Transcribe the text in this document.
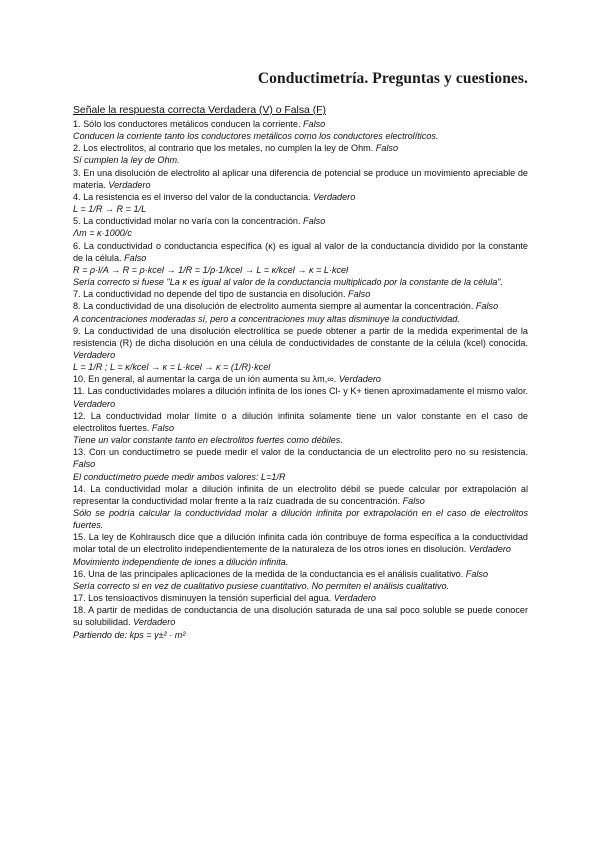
Conductimetría. Preguntas y cuestiones.
Señale la respuesta correcta Verdadera (V) o Falsa (F)

1. Sólo los conductores metálicos conducen la corriente. Falso

Conducen la corriente tanto los conductores metálicos como los conductores electrolíticos.

2. Los electrolitos, al contrario que los metales, no cumplen la ley de Ohm. Falso

Sí cumplen la ley de Ohm.

3. En una disolución de electrolito al aplicar una diferencia de potencial se produce un movimiento apreciable de materia. Verdadero

4. La resistencia es el inverso del valor de la conductancia. Verdadero

L = 1/R → R = 1/L

5. La conductividad molar no varía con la concentración. Falso

Λm = κ·1000/c

6. La conductividad o conductancia específica (κ) es igual al valor de la conductancia dividido por la constante de la célula. Falso

R = ρ·l/A → R = ρ·kcel → 1/R = 1/ρ·1/kcel → L = κ/kcel → κ = L·kcel

Sería correcto si fuese "La κ es igual al valor de la conductancia multiplicado por la constante de la célula".

7. La conductividad no depende del tipo de sustancia en disolución. Falso

8. La conductividad de una disolución de electrolito aumenta siempre al aumentar la concentración. Falso

A concentraciones moderadas sí, pero a concentraciones muy altas disminuye la conductividad.

9. La conductividad de una disolución electrolítica se puede obtener a partir de la medida experimental de la resistencia (R) de dicha disolución en una célula de conductividades de constante de la célula (kcel) conocida. Verdadero

L = 1/R ; L = κ/kcel → κ = L·kcel → κ = (1/R)·kcel

10. En general, al aumentar la carga de un ión aumenta su λm,∞. Verdadero

11. Las conductividades molares a dilución infinita de los iones Cl- y K+ tienen aproximadamente el mismo valor. Verdadero

12. La conductividad molar límite o a dilución infinita solamente tiene un valor constante en el caso de electrolitos fuertes. Falso

Tiene un valor constante tanto en electrolitos fuertes como débiles.

13. Con un conductímetro se puede medir el valor de la conductancia de un electrolito pero no su resistencia. Falso

El conductímetro puede medir ambos valores: L=1/R

14. La conductividad molar a dilución infinita de un electrolito débil se puede calcular por extrapolación al representar la conductividad molar frente a la raíz cuadrada de su concentración. Falso

Sólo se podría calcular la conductividad molar a dilución infinita por extrapolación en el caso de electrolitos fuertes.

15. La ley de Kohlrausch dice que a dilución infinita cada ión contribuye de forma específica a la conductividad molar total de un electrolito independientemente de la naturaleza de los otros iones en disolución. Verdadero

Movimiento independiente de iones a dilución infinita.

16. Una de las principales aplicaciones de la medida de la conductancia es el análisis cualitativo. Falso

Sería correcto si en vez de cualitativo pusiese cuantitativo. No permiten el análisis cualitativo.

17. Los tensioactivos disminuyen la tensión superficial del agua. Verdadero

18. A partir de medidas de conductancia de una disolución saturada de una sal poco soluble se puede conocer su solubilidad. Verdadero

Partiendo de: kps = γ±² · m²
